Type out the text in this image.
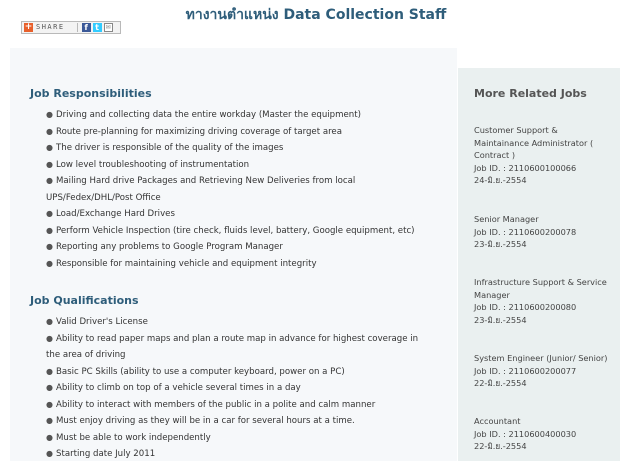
ทางานตำแหน่ง Data Collection Staff
+ SHARE	f t	✉
Job Responsibilities
● Driving and collecting data the entire workday (Master the equipment)
● Route pre-planning for maximizing driving coverage of target area
● The driver is responsible of the quality of the images
● Low level troubleshooting of instrumentation
● Mailing Hard drive Packages and Retrieving New Deliveries from local
UPS/Fedex/DHL/Post Office
● Load/Exchange Hard Drives
● Perform Vehicle Inspection (tire check, fluids level, battery, Google equipment, etc)
● Reporting any problems to Google Program Manager
● Responsible for maintaining vehicle and equipment integrity
Job Qualifications
● Valid Driver's License
● Ability to read paper maps and plan a route map in advance for highest coverage in
the area of driving
● Basic PC Skills (ability to use a computer keyboard, power on a PC)
● Ability to climb on top of a vehicle several times in a day
● Ability to interact with members of the public in a polite and calm manner
● Must enjoy driving as they will be in a car for several hours at a time.
● Must be able to work independently
● Starting date July 2011
More Related Jobs
Customer Support & Maintainance Administrator ( Contract )
Job ID. : 2110600100066
24-มิ.ย.-2554
Senior Manager
Job ID. : 2110600200078
23-มิ.ย.-2554
Infrastructure Support & Service Manager
Job ID. : 2110600200080
23-มิ.ย.-2554
System Engineer (Junior/ Senior)
Job ID. : 2110600200077
22-มิ.ย.-2554
Accountant
Job ID. : 2110600400030
22-มิ.ย.-2554
